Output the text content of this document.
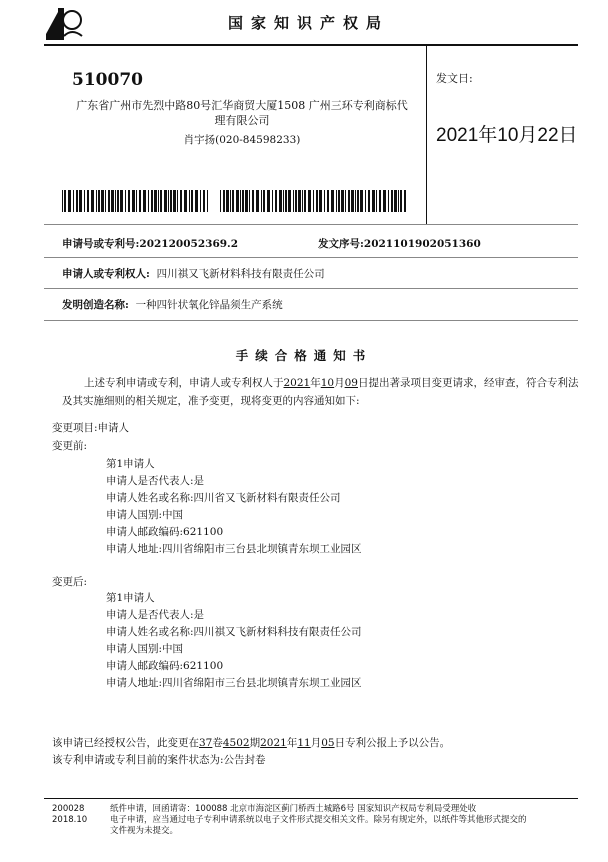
国家知识产权局
510070
广东省广州市先烈中路80号汇华商贸大厦1508 广州三环专利商标代
理有限公司
肖宇扬(020-84598233)
发文日:
2021年10月22日
申请号或专利号:202120052369.2	发文序号:2021101902051360
申请人或专利权人: 四川祺又飞新材料科技有限责任公司
发明创造名称: 一种四针状氧化锌晶须生产系统
手续合格通知书
上述专利申请或专利，申请人或专利权人于2021年10月09日提出著录项目变更请求，经审查，符合专利法及其实施细则的相关规定，准予变更，现将变更的内容通知如下:
变更项目:申请人
变更前:
第1申请人
申请人是否代表人:是
申请人姓名或名称:四川省又飞新材料有限责任公司
申请人国别:中国
申请人邮政编码:621100
申请人地址:四川省绵阳市三台县北坝镇青东坝工业园区
变更后:
第1申请人
申请人是否代表人:是
申请人姓名或名称:四川祺又飞新材料科技有限责任公司
申请人国别:中国
申请人邮政编码:621100
申请人地址:四川省绵阳市三台县北坝镇青东坝工业园区
该申请已经授权公告，此变更在37卷4502期2021年11月05日专利公报上予以公告。
该专利申请或专利目前的案件状态为:公告封卷
200028
2018.10
纸件申请，回函请寄：100088 北京市海淀区蓟门桥西土城路6号 国家知识产权局专利局受理处收
电子申请，应当通过电子专利申请系统以电子文件形式提交相关文件。除另有规定外，以纸件等其他形式提交的
文件视为未提交。
